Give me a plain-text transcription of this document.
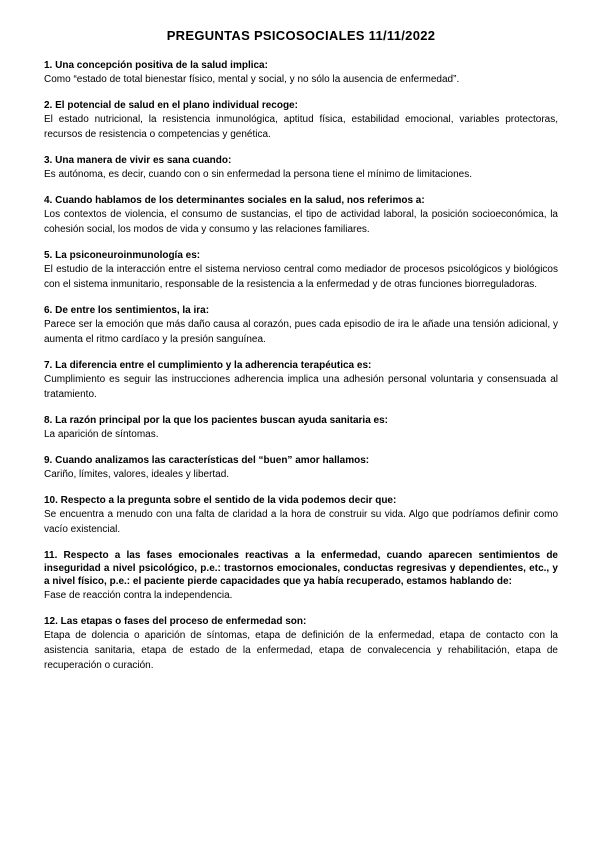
PREGUNTAS PSICOSOCIALES 11/11/2022

1. Una concepción positiva de la salud implica:

Como “estado de total bienestar físico, mental y social, y no sólo la ausencia de enfermedad”.

2. El potencial de salud en el plano individual recoge:

El estado nutricional, la resistencia inmunológica, aptitud física, estabilidad emocional, variables protectoras, recursos de resistencia o competencias y genética.

3. Una manera de vivir es sana cuando:

Es autónoma, es decir, cuando con o sin enfermedad la persona tiene el mínimo de limitaciones.

4. Cuando hablamos de los determinantes sociales en la salud, nos referimos a:

Los contextos de violencia, el consumo de sustancias, el tipo de actividad laboral, la posición socioeconómica, la cohesión social, los modos de vida y consumo y las relaciones familiares.

5. La psiconeuroinmunología es:

El estudio de la interacción entre el sistema nervioso central como mediador de procesos psicológicos y biológicos con el sistema inmunitario, responsable de la resistencia a la enfermedad y de otras funciones biorreguladoras.

6. De entre los sentimientos, la ira:

Parece ser la emoción que más daño causa al corazón, pues cada episodio de ira le añade una tensión adicional, y aumenta el ritmo cardíaco y la presión sanguínea.

7. La diferencia entre el cumplimiento y la adherencia terapéutica es:

Cumplimiento es seguir las instrucciones adherencia implica una adhesión personal voluntaria y consensuada al tratamiento.

8. La razón principal por la que los pacientes buscan ayuda sanitaria es:

La aparición de síntomas.

9. Cuando analizamos las características del “buen” amor hallamos:

Cariño, límites, valores, ideales y libertad.

10. Respecto a la pregunta sobre el sentido de la vida podemos decir que:

Se encuentra a menudo con una falta de claridad a la hora de construir su vida. Algo que podríamos definir como vacío existencial.

11. Respecto a las fases emocionales reactivas a la enfermedad, cuando aparecen sentimientos de inseguridad a nivel psicológico, p.e.: trastornos emocionales, conductas regresivas y dependientes, etc., y a nivel físico, p.e.: el paciente pierde capacidades que ya había recuperado, estamos hablando de:

Fase de reacción contra la independencia.

12. Las etapas o fases del proceso de enfermedad son:

Etapa de dolencia o aparición de síntomas, etapa de definición de la enfermedad, etapa de contacto con la asistencia sanitaria, etapa de estado de la enfermedad, etapa de convalecencia y rehabilitación, etapa de recuperación o curación.
